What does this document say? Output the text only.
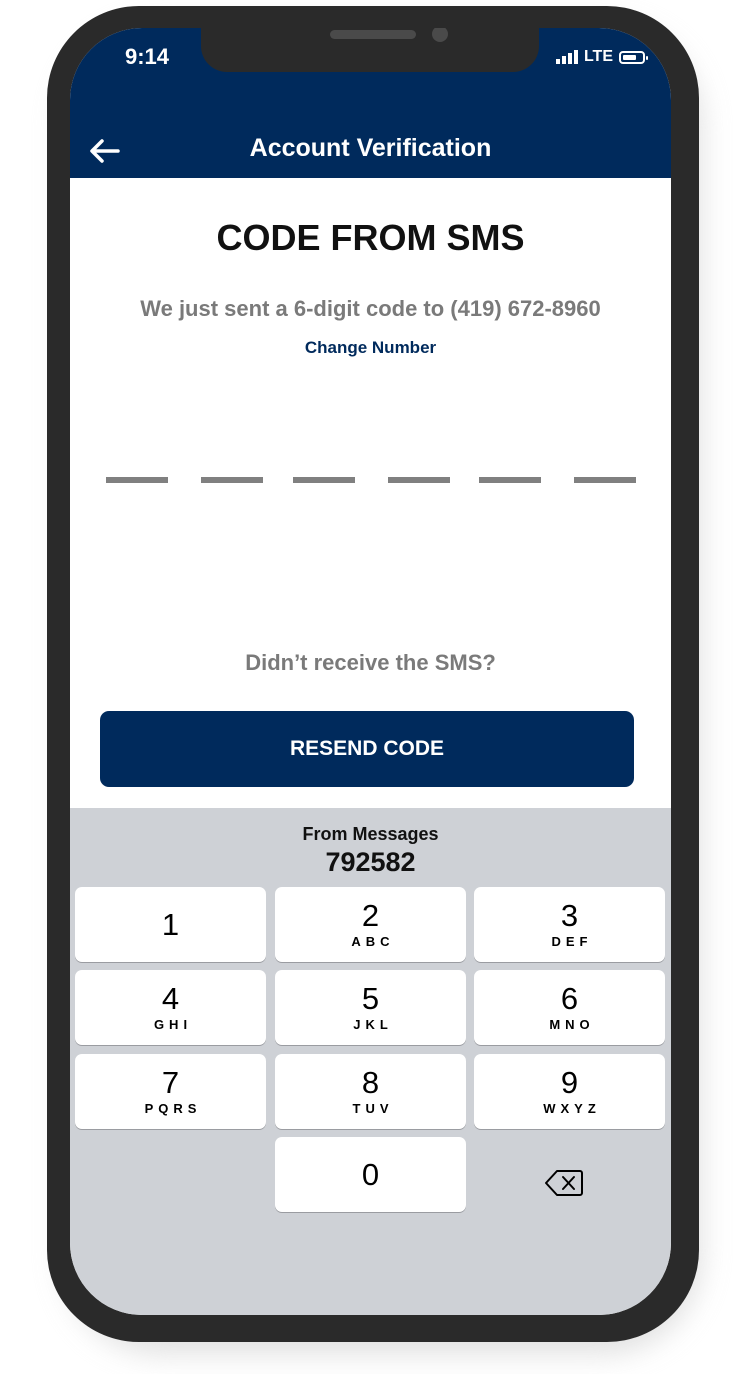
9:14	LTE
Account Verification
CODE FROM SMS
We just sent a 6-digit code to (419) 672-8960
Change Number
Didn’t receive the SMS?
RESEND CODE
From Messages
792582
1	2
ABC
3
DEF
4
GHI
5
JKL
6
MNO
7
PQRS
8
TUV
9
WXYZ
0
